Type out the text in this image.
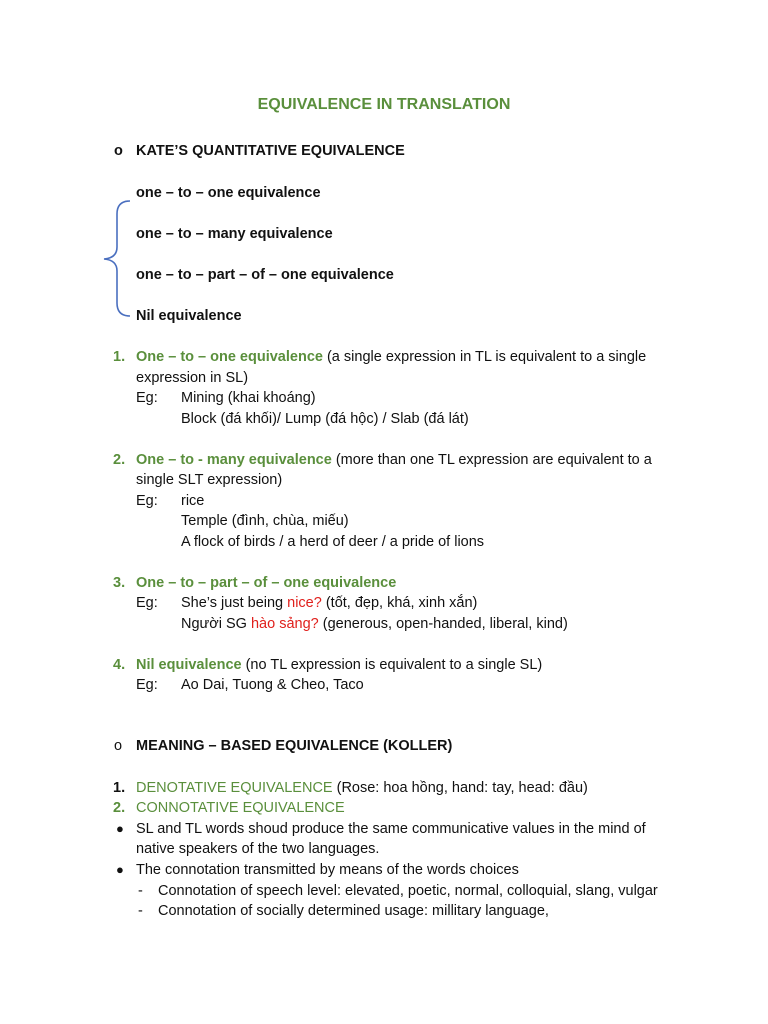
EQUIVALENCE IN TRANSLATION
o KATE’S QUANTITATIVE EQUIVALENCE
one – to – one equivalence
one – to – many equivalence
one – to – part – of – one equivalence
Nil equivalence
1. One – to – one equivalence (a single expression in TL is equivalent to a single
expression in SL)
Eg: Mining (khai khoáng)
Block (đá khối)/ Lump (đá hộc) / Slab (đá lát)
2. One – to - many equivalence (more than one TL expression are equivalent to a
single SLT expression)
Eg: rice
Temple (đình, chùa, miếu)
A flock of birds / a herd of deer / a pride of lions
3. One – to – part – of – one equivalence
Eg: She’s just being nice? (tốt, đẹp, khá, xinh xắn)
Người SG hào sảng? (generous, open-handed, liberal, kind)
4. Nil equivalence (no TL expression is equivalent to a single SL)
Eg: Ao Dai, Tuong & Cheo, Taco
o MEANING – BASED EQUIVALENCE (KOLLER)
1. DENOTATIVE EQUIVALENCE (Rose: hoa hồng, hand: tay, head: đầu)
2. CONNOTATIVE EQUIVALENCE
● SL and TL words shoud produce the same communicative values in the mind of
native speakers of the two languages.
● The connotation transmitted by means of the words choices
- Connotation of speech level: elevated, poetic, normal, colloquial, slang, vulgar
- Connotation of socially determined usage: millitary language,
